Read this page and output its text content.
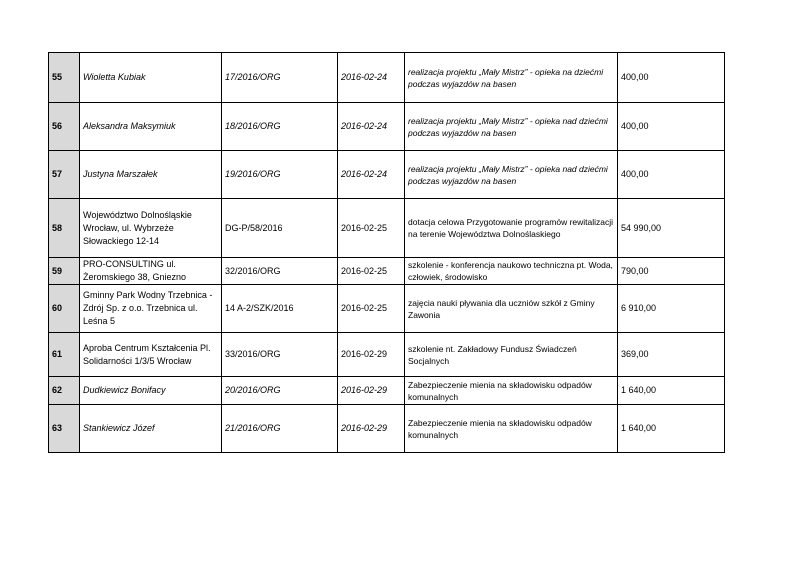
55	Wioletta Kubiak	17/2016/ORG	2016-02-24	realizacja projektu „Mały Mistrz” - opieka na dziećmi podczas wyjazdów na basen	400,00
56	Aleksandra Maksymiuk	18/2016/ORG	2016-02-24	realizacja projektu „Mały Mistrz” - opieka nad dziećmi podczas wyjazdów na basen	400,00
57	Justyna Marszałek	19/2016/ORG	2016-02-24	realizacja projektu „Mały Mistrz” - opieka nad dziećmi podczas wyjazdów na basen	400,00
58	Województwo Dolnośląskie Wrocław, ul. Wybrzeże Słowackiego 12-14	DG-P/58/2016	2016-02-25	dotacja celowa Przygotowanie programów rewitalizacji na terenie Województwa Dolnoślaskiego	54 990,00
59	PRO-CONSULTING ul. Żeromskiego 38, Gniezno	32/2016/ORG	2016-02-25	szkolenie - konferencja naukowo techniczna pt. Woda, człowiek, środowisko	790,00
60	Gminny Park Wodny Trzebnica - Zdrój Sp. z o.o. Trzebnica ul. Leśna 5	14 A-2/SZK/2016	2016-02-25	zajęcia nauki pływania dla uczniów szkół z Gminy Zawonia	6 910,00
61	Aproba Centrum Kształcenia Pl. Solidarności 1/3/5 Wrocław	33/2016/ORG	2016-02-29	szkolenie nt. Zakładowy Fundusz Świadczeń Socjalnych	369,00
62	Dudkiewicz Bonifacy	20/2016/ORG	2016-02-29	Zabezpieczenie mienia na składowisku odpadów komunalnych	1 640,00
63	Stankiewicz Józef	21/2016/ORG	2016-02-29	Zabezpieczenie mienia na składowisku odpadów komunalnych	1 640,00
